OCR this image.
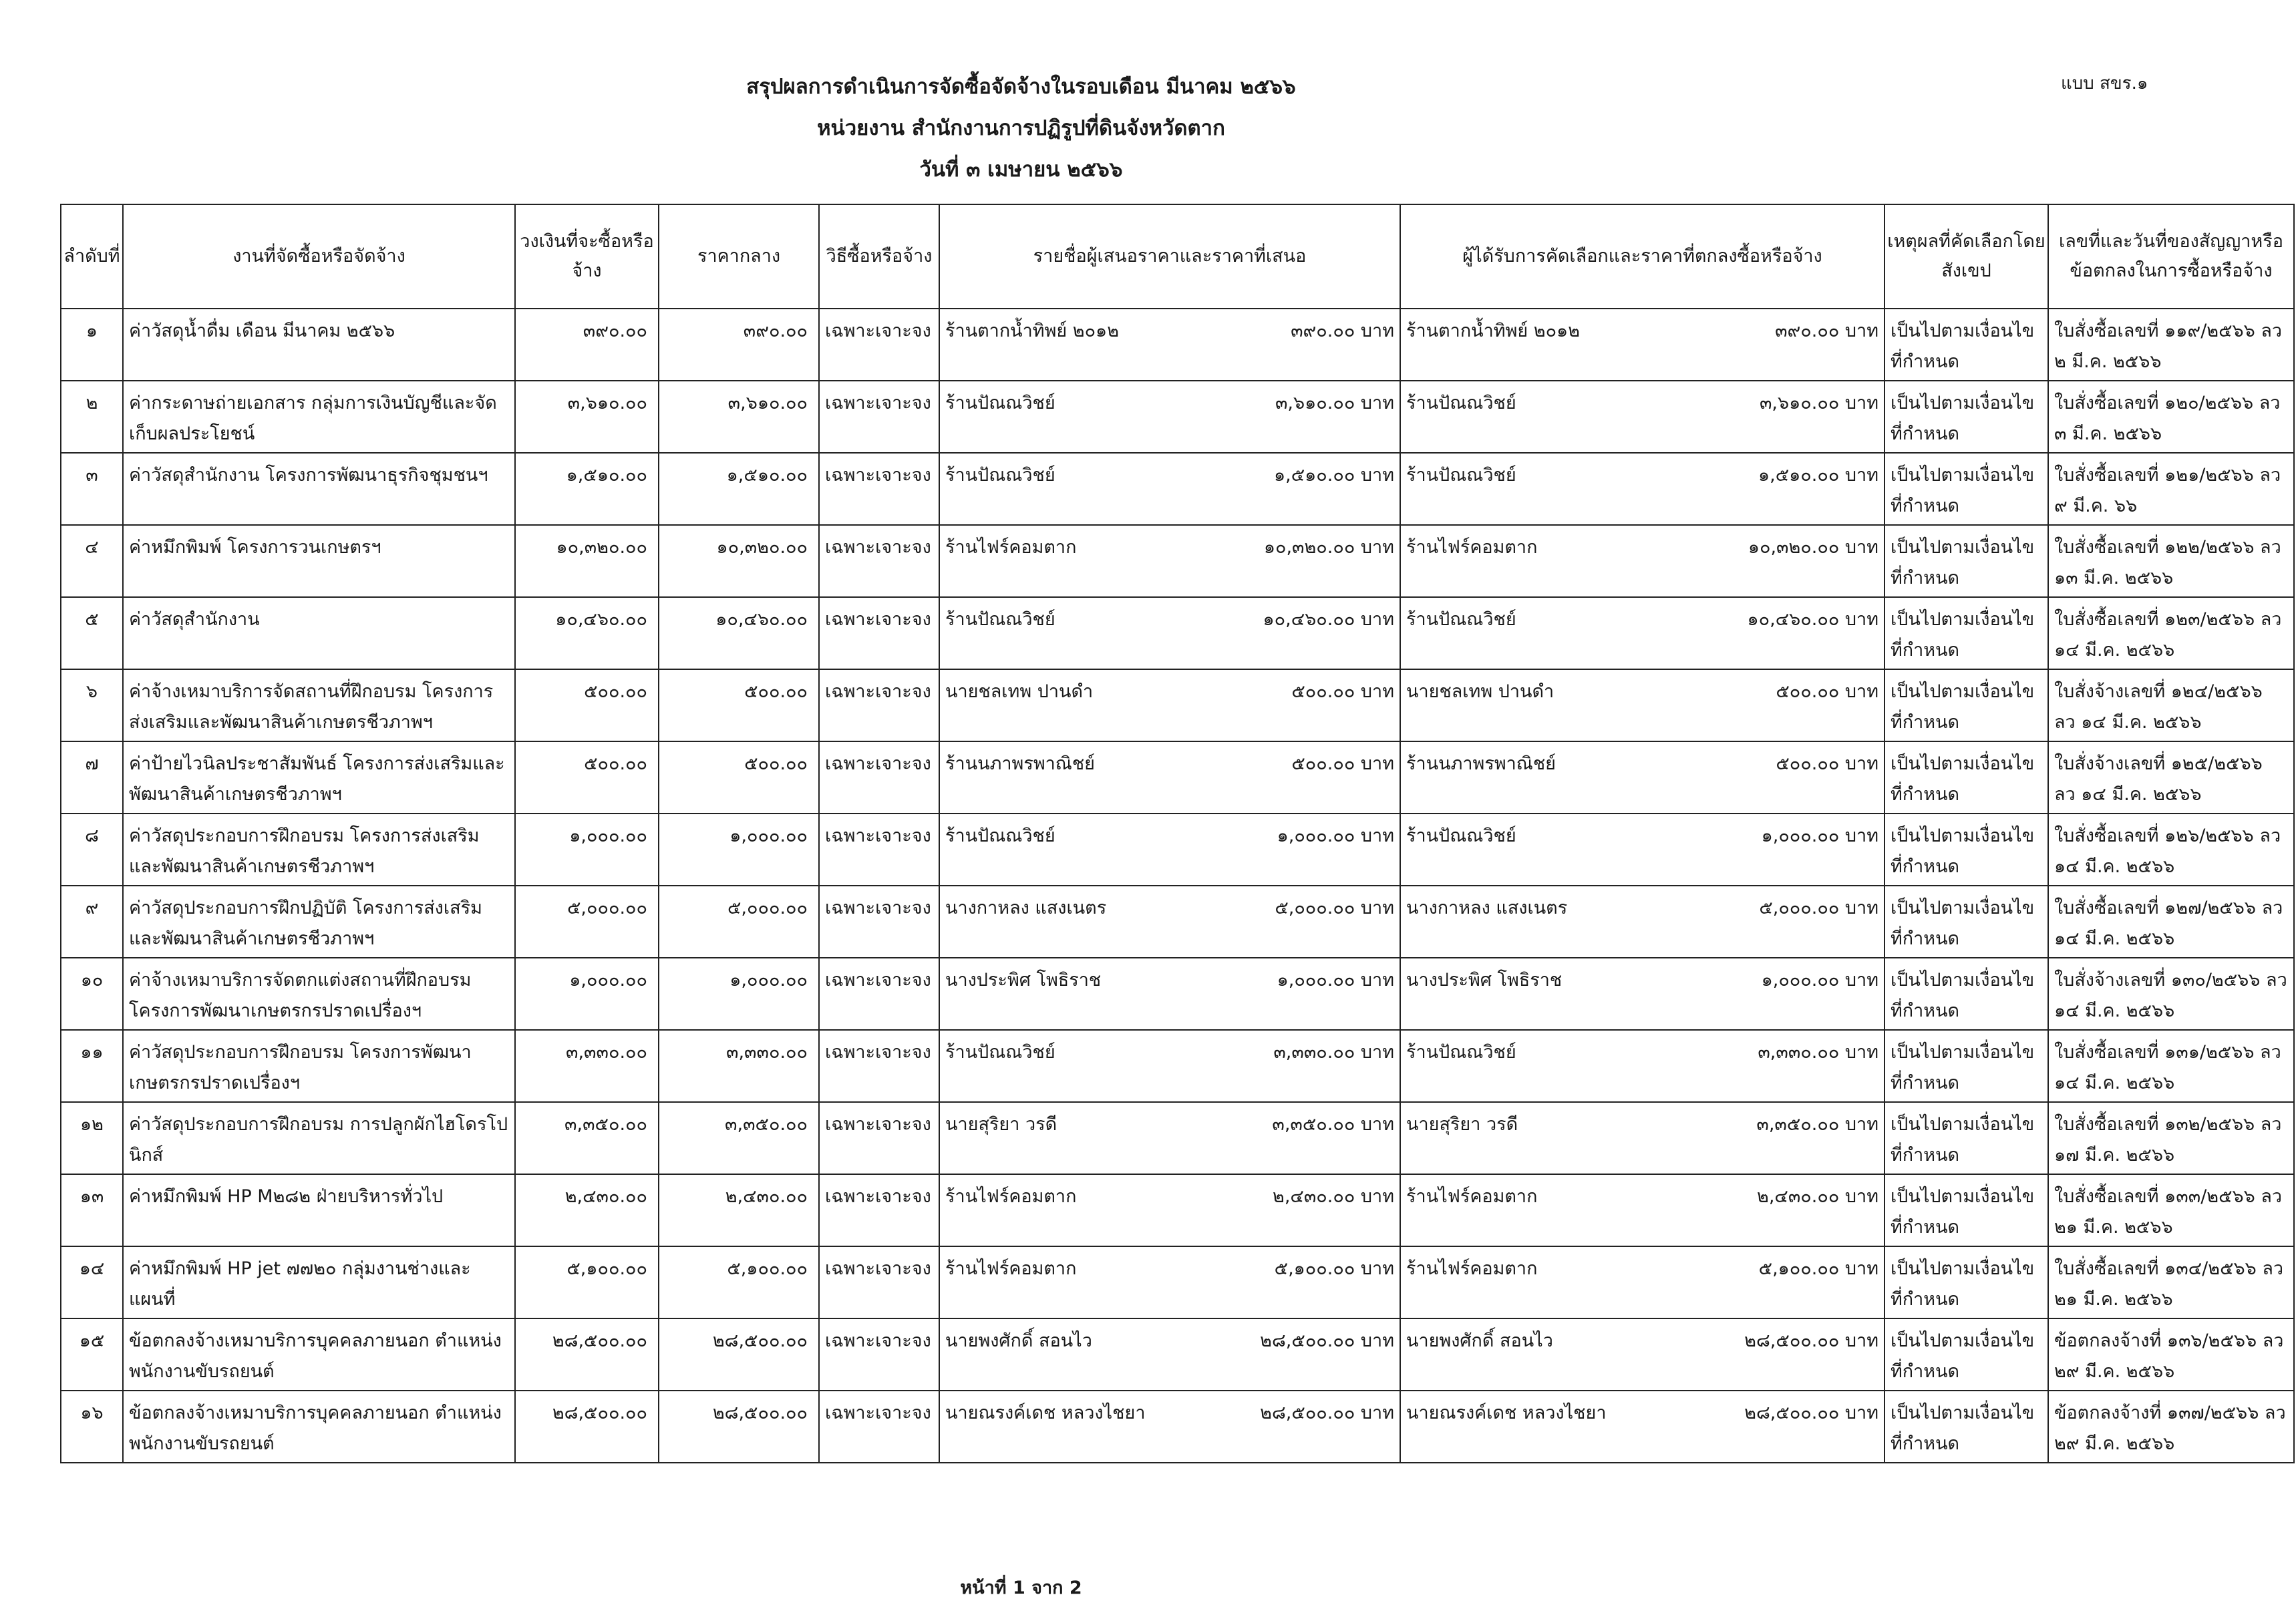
สรุปผลการดำเนินการจัดซื้อจัดจ้างในรอบเดือน มีนาคม ๒๕๖๖
หน่วยงาน สำนักงานการปฏิรูปที่ดินจังหวัดตาก
วันที่ ๓ เมษายน ๒๕๖๖
แบบ สขร.๑
ลำดับที่	งานที่จัดซื้อหรือจัดจ้าง	วงเงินที่จะซื้อหรือจ้าง	ราคากลาง	วิธีซื้อหรือจ้าง	รายชื่อผู้เสนอราคาและราคาที่เสนอ	ผู้ได้รับการคัดเลือกและราคาที่ตกลงซื้อหรือจ้าง	เหตุผลที่คัดเลือกโดยสังเขป	เลขที่และวันที่ของสัญญาหรือข้อตกลงในการซื้อหรือจ้าง

๑	ค่าวัสดุน้ำดื่ม เดือน มีนาคม ๒๕๖๖	๓๙๐.๐๐	๓๙๐.๐๐	เฉพาะเจาะจง	ร้านตากน้ำทิพย์ ๒๐๑๒ ๓๙๐.๐๐ บาท	ร้านตากน้ำทิพย์ ๒๐๑๒ ๓๙๐.๐๐ บาท	เป็นไปตามเงื่อนไขที่กำหนด	ใบสั่งซื้อเลขที่ ๑๑๙/๒๕๖๖ ลว ๒ มี.ค. ๒๕๖๖

๒	ค่ากระดาษถ่ายเอกสาร กลุ่มการเงินบัญชีและจัดเก็บผลประโยชน์	๓,๖๑๐.๐๐	๓,๖๑๐.๐๐	เฉพาะเจาะจง	ร้านปัณณวิชย์ ๓,๖๑๐.๐๐ บาท	ร้านปัณณวิชย์ ๓,๖๑๐.๐๐ บาท	เป็นไปตามเงื่อนไขที่กำหนด	ใบสั่งซื้อเลขที่ ๑๒๐/๒๕๖๖ ลว ๓ มี.ค. ๒๕๖๖

๓	ค่าวัสดุสำนักงาน โครงการพัฒนาธุรกิจชุมชนฯ	๑,๕๑๐.๐๐	๑,๕๑๐.๐๐	เฉพาะเจาะจง	ร้านปัณณวิชย์ ๑,๕๑๐.๐๐ บาท	ร้านปัณณวิชย์ ๑,๕๑๐.๐๐ บาท	เป็นไปตามเงื่อนไขที่กำหนด	ใบสั่งซื้อเลขที่ ๑๒๑/๒๕๖๖ ลว ๙ มี.ค. ๖๖

๔	ค่าหมึกพิมพ์ โครงการวนเกษตรฯ	๑๐,๓๒๐.๐๐	๑๐,๓๒๐.๐๐	เฉพาะเจาะจง	ร้านไฟร์คอมตาก ๑๐,๓๒๐.๐๐ บาท	ร้านไฟร์คอมตาก ๑๐,๓๒๐.๐๐ บาท	เป็นไปตามเงื่อนไขที่กำหนด	ใบสั่งซื้อเลขที่ ๑๒๒/๒๕๖๖ ลว ๑๓ มี.ค. ๒๕๖๖

๕	ค่าวัสดุสำนักงาน	๑๐,๔๖๐.๐๐	๑๐,๔๖๐.๐๐	เฉพาะเจาะจง	ร้านปัณณวิชย์ ๑๐,๔๖๐.๐๐ บาท	ร้านปัณณวิชย์ ๑๐,๔๖๐.๐๐ บาท	เป็นไปตามเงื่อนไขที่กำหนด	ใบสั่งซื้อเลขที่ ๑๒๓/๒๕๖๖ ลว ๑๔ มี.ค. ๒๕๖๖

๖	ค่าจ้างเหมาบริการจัดสถานที่ฝึกอบรม โครงการส่งเสริมและพัฒนาสินค้าเกษตรชีวภาพฯ	๕๐๐.๐๐	๕๐๐.๐๐	เฉพาะเจาะจง	นายชลเทพ ปานดำ ๕๐๐.๐๐ บาท	นายชลเทพ ปานดำ ๕๐๐.๐๐ บาท	เป็นไปตามเงื่อนไขที่กำหนด	ใบสั่งจ้างเลขที่ ๑๒๔/๒๕๖๖ ลว ๑๔ มี.ค. ๒๕๖๖

๗	ค่าป้ายไวนิลประชาสัมพันธ์ โครงการส่งเสริมและพัฒนาสินค้าเกษตรชีวภาพฯ	๕๐๐.๐๐	๕๐๐.๐๐	เฉพาะเจาะจง	ร้านนภาพรพาณิชย์ ๕๐๐.๐๐ บาท	ร้านนภาพรพาณิชย์ ๕๐๐.๐๐ บาท	เป็นไปตามเงื่อนไขที่กำหนด	ใบสั่งจ้างเลขที่ ๑๒๕/๒๕๖๖ ลว ๑๔ มี.ค. ๒๕๖๖

๘	ค่าวัสดุประกอบการฝึกอบรม โครงการส่งเสริมและพัฒนาสินค้าเกษตรชีวภาพฯ	๑,๐๐๐.๐๐	๑,๐๐๐.๐๐	เฉพาะเจาะจง	ร้านปัณณวิชย์ ๑,๐๐๐.๐๐ บาท	ร้านปัณณวิชย์ ๑,๐๐๐.๐๐ บาท	เป็นไปตามเงื่อนไขที่กำหนด	ใบสั่งซื้อเลขที่ ๑๒๖/๒๕๖๖ ลว ๑๔ มี.ค. ๒๕๖๖

๙	ค่าวัสดุประกอบการฝึกปฏิบัติ โครงการส่งเสริมและพัฒนาสินค้าเกษตรชีวภาพฯ	๕,๐๐๐.๐๐	๕,๐๐๐.๐๐	เฉพาะเจาะจง	นางกาหลง แสงเนตร ๕,๐๐๐.๐๐ บาท	นางกาหลง แสงเนตร ๕,๐๐๐.๐๐ บาท	เป็นไปตามเงื่อนไขที่กำหนด	ใบสั่งซื้อเลขที่ ๑๒๗/๒๕๖๖ ลว ๑๔ มี.ค. ๒๕๖๖

๑๐	ค่าจ้างเหมาบริการจัดตกแต่งสถานที่ฝึกอบรม โครงการพัฒนาเกษตรกรปราดเปรื่องฯ	๑,๐๐๐.๐๐	๑,๐๐๐.๐๐	เฉพาะเจาะจง	นางประพิศ โพธิราช ๑,๐๐๐.๐๐ บาท	นางประพิศ โพธิราช ๑,๐๐๐.๐๐ บาท	เป็นไปตามเงื่อนไขที่กำหนด	ใบสั่งจ้างเลขที่ ๑๓๐/๒๕๖๖ ลว ๑๔ มี.ค. ๒๕๖๖

๑๑	ค่าวัสดุประกอบการฝึกอบรม โครงการพัฒนาเกษตรกรปราดเปรื่องฯ	๓,๓๓๐.๐๐	๓,๓๓๐.๐๐	เฉพาะเจาะจง	ร้านปัณณวิชย์ ๓,๓๓๐.๐๐ บาท	ร้านปัณณวิชย์ ๓,๓๓๐.๐๐ บาท	เป็นไปตามเงื่อนไขที่กำหนด	ใบสั่งซื้อเลขที่ ๑๓๑/๒๕๖๖ ลว ๑๔ มี.ค. ๒๕๖๖

๑๒	ค่าวัสดุประกอบการฝึกอบรม การปลูกผักไฮโดรโปนิกส์	๓,๓๕๐.๐๐	๓,๓๕๐.๐๐	เฉพาะเจาะจง	นายสุริยา วรดี ๓,๓๕๐.๐๐ บาท	นายสุริยา วรดี ๓,๓๕๐.๐๐ บาท	เป็นไปตามเงื่อนไขที่กำหนด	ใบสั่งซื้อเลขที่ ๑๓๒/๒๕๖๖ ลว ๑๗ มี.ค. ๒๕๖๖

๑๓	ค่าหมึกพิมพ์ HP M๒๘๒ ฝ่ายบริหารทั่วไป	๒,๔๓๐.๐๐	๒,๔๓๐.๐๐	เฉพาะเจาะจง	ร้านไฟร์คอมตาก ๒,๔๓๐.๐๐ บาท	ร้านไฟร์คอมตาก ๒,๔๓๐.๐๐ บาท	เป็นไปตามเงื่อนไขที่กำหนด	ใบสั่งซื้อเลขที่ ๑๓๓/๒๕๖๖ ลว ๒๑ มี.ค. ๒๕๖๖

๑๔	ค่าหมึกพิมพ์ HP jet ๗๗๒๐ กลุ่มงานช่างและแผนที่	๕,๑๐๐.๐๐	๕,๑๐๐.๐๐	เฉพาะเจาะจง	ร้านไฟร์คอมตาก ๕,๑๐๐.๐๐ บาท	ร้านไฟร์คอมตาก ๕,๑๐๐.๐๐ บาท	เป็นไปตามเงื่อนไขที่กำหนด	ใบสั่งซื้อเลขที่ ๑๓๔/๒๕๖๖ ลว ๒๑ มี.ค. ๒๕๖๖

๑๕	ข้อตกลงจ้างเหมาบริการบุคคลภายนอก ตำแหน่งพนักงานขับรถยนต์	๒๘,๕๐๐.๐๐	๒๘,๕๐๐.๐๐	เฉพาะเจาะจง	นายพงศักดิ์ สอนไว ๒๘,๕๐๐.๐๐ บาท	นายพงศักดิ์ สอนไว ๒๘,๕๐๐.๐๐ บาท	เป็นไปตามเงื่อนไขที่กำหนด	ข้อตกลงจ้างที่ ๑๓๖/๒๕๖๖ ลว ๒๙ มี.ค. ๒๕๖๖

๑๖	ข้อตกลงจ้างเหมาบริการบุคคลภายนอก ตำแหน่งพนักงานขับรถยนต์	๒๘,๕๐๐.๐๐	๒๘,๕๐๐.๐๐	เฉพาะเจาะจง	นายณรงค์เดช หลวงไชยา ๒๘,๕๐๐.๐๐ บาท	นายณรงค์เดช หลวงไชยา ๒๘,๕๐๐.๐๐ บาท	เป็นไปตามเงื่อนไขที่กำหนด	ข้อตกลงจ้างที่ ๑๓๗/๒๕๖๖ ลว ๒๙ มี.ค. ๒๕๖๖
หน้าที่ 1 จาก 2
